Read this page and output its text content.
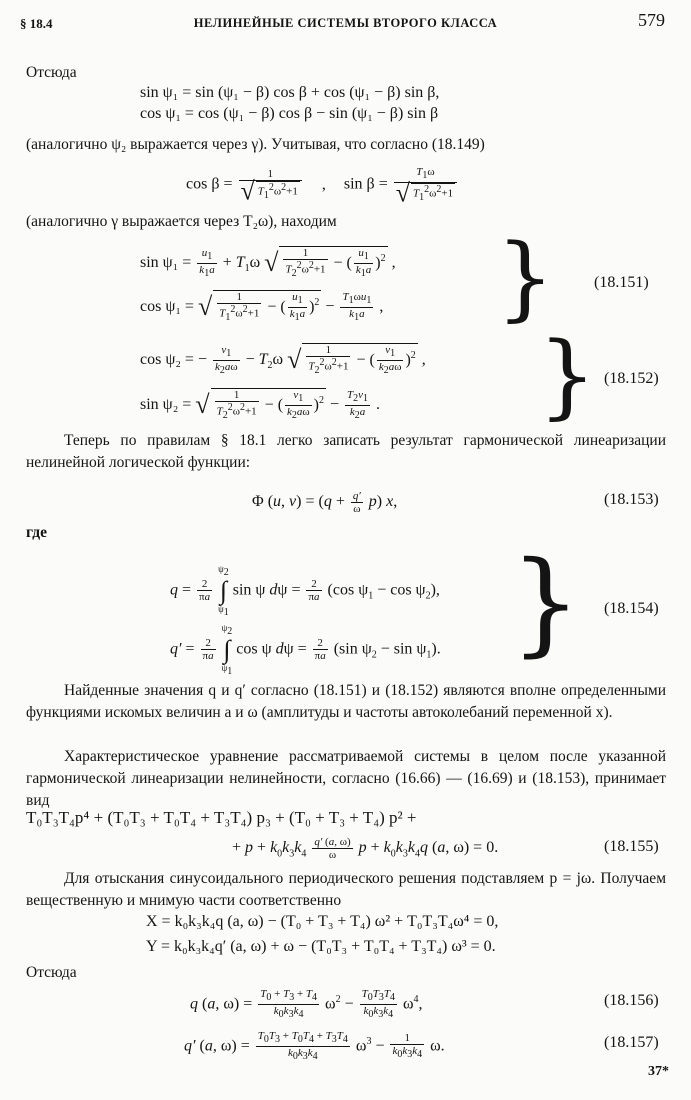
§ 18.4	НЕЛИНЕЙНЫЕ СИСТЕМЫ ВТОРОГО КЛАССА	579
Отсюда
sin ψ₁ = sin (ψ₁ − β) cos β + cos (ψ₁ − β) sin β,
cos ψ₁ = cos (ψ₁ − β) cos β − sin (ψ₁ − β) sin β
(аналогично ψ₂ выражается через γ). Учитывая, что согласно (18.149)
$\cos \beta = \frac{1}{√ T_1^2\omega^2+1}$ , $\sin \beta = \frac{T_1\omega}{√ T_1^2\omega^2+1}$
(аналогично γ выражается через T₂ω), находим
$\sin \psi_1 = \frac{u_1}{k_1a} + T_1\omega$ √ $\frac{1}{T_2^2\omega^2+1}$ − ( $\frac{u_1}{k_1a} )^2$ ,
cos ψ₁ = √ $\frac{1}{T_1^2\omega^2+1}$ − ( $\frac{u_1}{k_1a} )^2 - \frac{T_1\omega u_1}{k_1a}$ , } (18.151)
cos ψ₂ = − $\frac{v_1}{k_2a\omega} - T_2\omega$ √ $\frac{1}{T_2^2\omega^2+1}$ − ( $\frac{v_1}{k_2a\omega} )^2$ ,
sin ψ₂ = √ $\frac{1}{T_2^2\omega^2+1}$ − ( $\frac{v_1}{k_2a\omega} )^2 - \frac{T_2v_1}{k_2a}$ . } (18.152)
Теперь по правилам § 18.1 легко записать результат гармонической линеаризации нелинейной логической функции:
Φ (u, $v) = (q + \frac{q'}{\omega} p)$ x,	(18.153)
где
$q = \frac{2}{\pi a}$
$\psi_2$
∫
$\psi_1$ sin ψ $d\psi = \frac{2}{\pi a} (\cos$ $\psi_1 - \cos \psi_2$),
$q' = \frac{2}{\pi a}$
$\psi_2$
∫
$\psi_1$ cos ψ $d\psi = \frac{2}{\pi a} (\sin$ $\psi_2 - \sin \psi_1$). } (18.154)
Найденные значения q и q′ согласно (18.151) и (18.152) являются вполне определенными функциями искомых величин a и ω (амплитуды и частоты автоколебаний переменной x).
Характеристическое уравнение рассматриваемой системы в целом после указанной гармонической линеаризации нелинейности, согласно (16.66) — (16.69) и (18.153), принимает вид
T₀T₃T₄p⁴ + (T₀T₃ + T₀T₄ + T₃T₄) p₃ + (T₀ + T₃ + T₄) p² +
+ $p + k_0k_3k_4 \frac{q' (a, \omega)}{\omega}$ $p + k_0k_3k_4q$ (a, ω) = 0.	(18.155)
Для отыскания синусоидального периодического решения подставляем p = jω. Получаем вещественную и мнимую части соответственно
X = k₀k₃k₄q (a, ω) − (T₀ + T₃ + T₄) ω² + T₀T₃T₄ω⁴ = 0,
Y = k₀k₃k₄q′ (a, ω) + ω − (T₀T₃ + T₀T₄ + T₃T₄) ω³ = 0.
Отсюда
q (a, $\omega) = \frac{T_0 + T_3 + T_4}{k_0k_3k_4} \omega^2 - \frac{T_0T_3T_4}{k_0k_3k_4} \omega^4$,	(18.156)
q′ (a, $\omega) = \frac{T_0T_3 + T_0T_4 + T_3T_4}{k_0k_3k_4} \omega^3 - \frac{1}{k_0k_3k_4} \omega$.	(18.157)
37*
